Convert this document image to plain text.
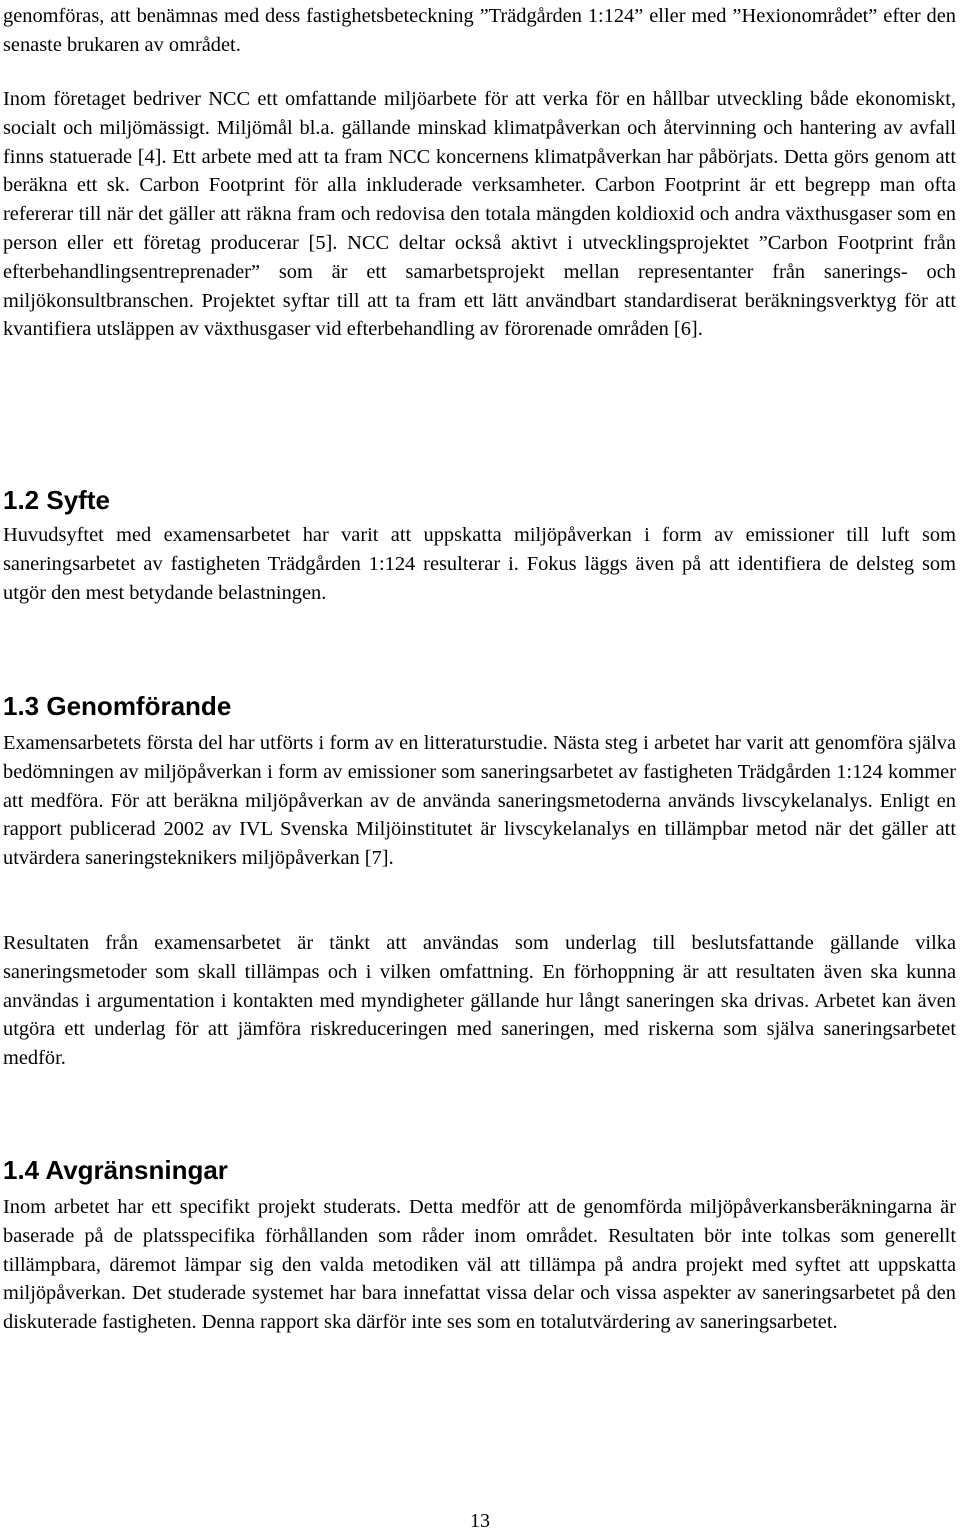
genomföras, att benämnas med dess fastighetsbeteckning ”Trädgården 1:124” eller med ”Hexionområdet” efter den senaste brukaren av området.

Inom företaget bedriver NCC ett omfattande miljöarbete för att verka för en hållbar utveckling både ekonomiskt, socialt och miljömässigt. Miljömål bl.a. gällande minskad klimatpåverkan och återvinning och hantering av avfall finns statuerade [4]. Ett arbete med att ta fram NCC koncernens klimatpåverkan har påbörjats. Detta görs genom att beräkna ett sk. Carbon Footprint för alla inkluderade verksamheter. Carbon Footprint är ett begrepp man ofta refererar till när det gäller att räkna fram och redovisa den totala mängden koldioxid och andra växthusgaser som en person eller ett företag producerar [5]. NCC deltar också aktivt i utvecklingsprojektet ”Carbon Footprint från efterbehandlingsentreprenader” som är ett samarbetsprojekt mellan representanter från sanerings- och miljökonsultbranschen. Projektet syftar till att ta fram ett lätt användbart standardiserat beräkningsverktyg för att kvantifiera utsläppen av växthusgaser vid efterbehandling av förorenade områden [6].

1.2 Syfte

Huvudsyftet med examensarbetet har varit att uppskatta miljöpåverkan i form av emissioner till luft som saneringsarbetet av fastigheten Trädgården 1:124 resulterar i. Fokus läggs även på att identifiera de delsteg som utgör den mest betydande belastningen.

1.3 Genomförande

Examensarbetets första del har utförts i form av en litteraturstudie. Nästa steg i arbetet har varit att genomföra själva bedömningen av miljöpåverkan i form av emissioner som saneringsarbetet av fastigheten Trädgården 1:124 kommer att medföra. För att beräkna miljöpåverkan av de använda saneringsmetoderna används livscykelanalys. Enligt en rapport publicerad 2002 av IVL Svenska Miljöinstitutet är livscykelanalys en tillämpbar metod när det gäller att utvärdera saneringsteknikers miljöpåverkan [7].

Resultaten från examensarbetet är tänkt att användas som underlag till beslutsfattande gällande vilka saneringsmetoder som skall tillämpas och i vilken omfattning. En förhoppning är att resultaten även ska kunna användas i argumentation i kontakten med myndigheter gällande hur långt saneringen ska drivas. Arbetet kan även utgöra ett underlag för att jämföra riskreduceringen med saneringen, med riskerna som själva saneringsarbetet medför.

1.4 Avgränsningar

Inom arbetet har ett specifikt projekt studerats. Detta medför att de genomförda miljöpåverkansberäkningarna är baserade på de platsspecifika förhållanden som råder inom området. Resultaten bör inte tolkas som generellt tillämpbara, däremot lämpar sig den valda metodiken väl att tillämpa på andra projekt med syftet att uppskatta miljöpåverkan. Det studerade systemet har bara innefattat vissa delar och vissa aspekter av saneringsarbetet på den diskuterade fastigheten. Denna rapport ska därför inte ses som en totalutvärdering av saneringsarbetet.

13
